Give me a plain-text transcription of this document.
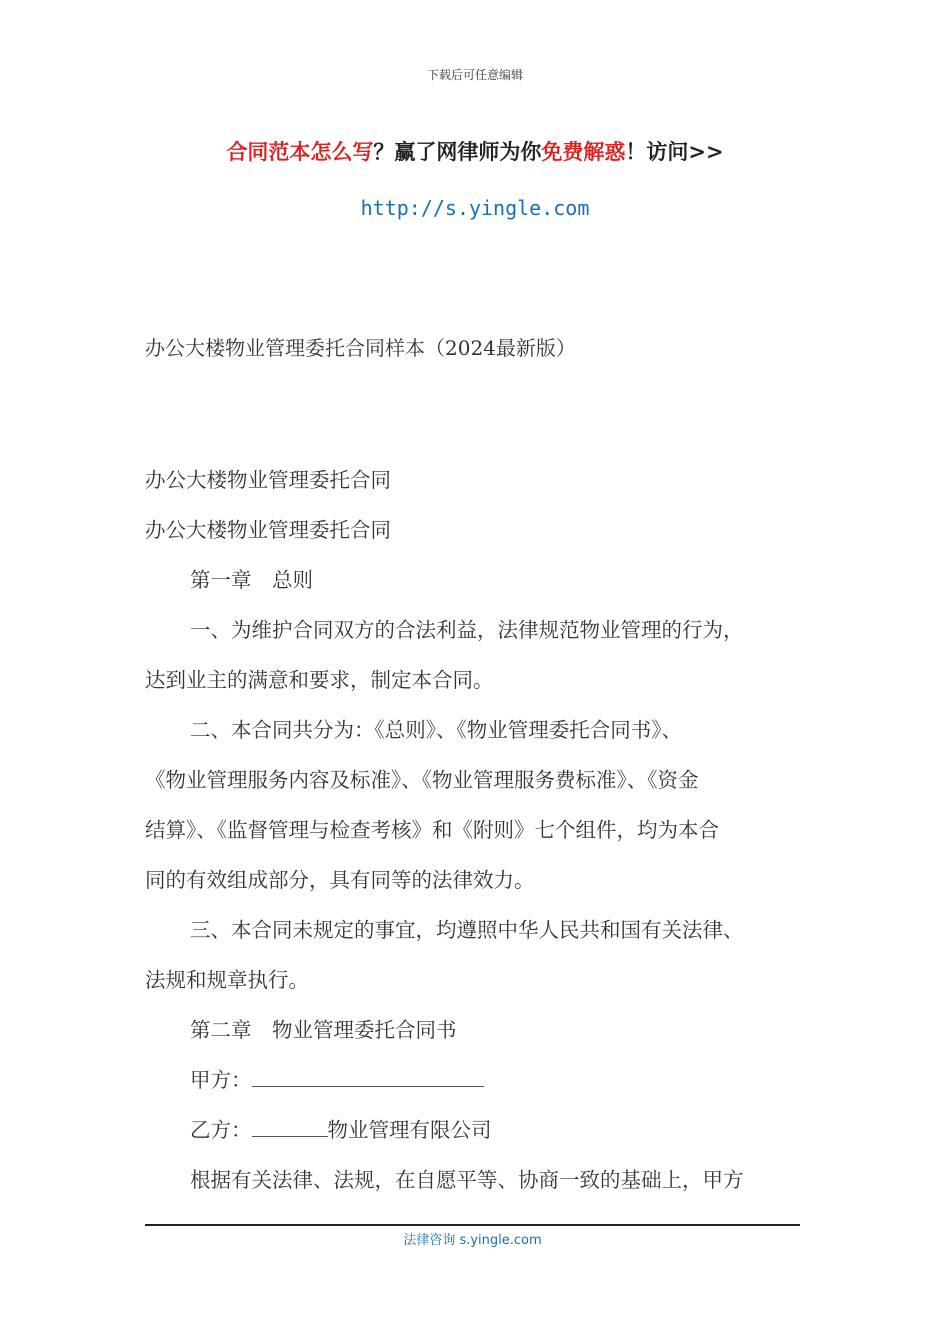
下载后可任意编辑
合同范本怎么写？赢了网律师为你免费解惑！访问>>
http://s.yingle.com
办公大楼物业管理委托合同样本（2024最新版）
办公大楼物业管理委托合同
办公大楼物业管理委托合同
第一章　总则
一、为维护合同双方的合法利益，法律规范物业管理的行为，
达到业主的满意和要求，制定本合同。
二、本合同共分为：《总则》、《物业管理委托合同书》、
《物业管理服务内容及标准》、《物业管理服务费标准》、《资金
结算》、《监督管理与检查考核》和《附则》七个组件，均为本合
同的有效组成部分，具有同等的法律效力。
三、本合同未规定的事宜，均遵照中华人民共和国有关法律、
法规和规章执行。
第二章　物业管理委托合同书
甲方：
乙方：	物业管理有限公司
根据有关法律、法规，在自愿平等、协商一致的基础上，甲方
法律咨询 s.yingle.com
